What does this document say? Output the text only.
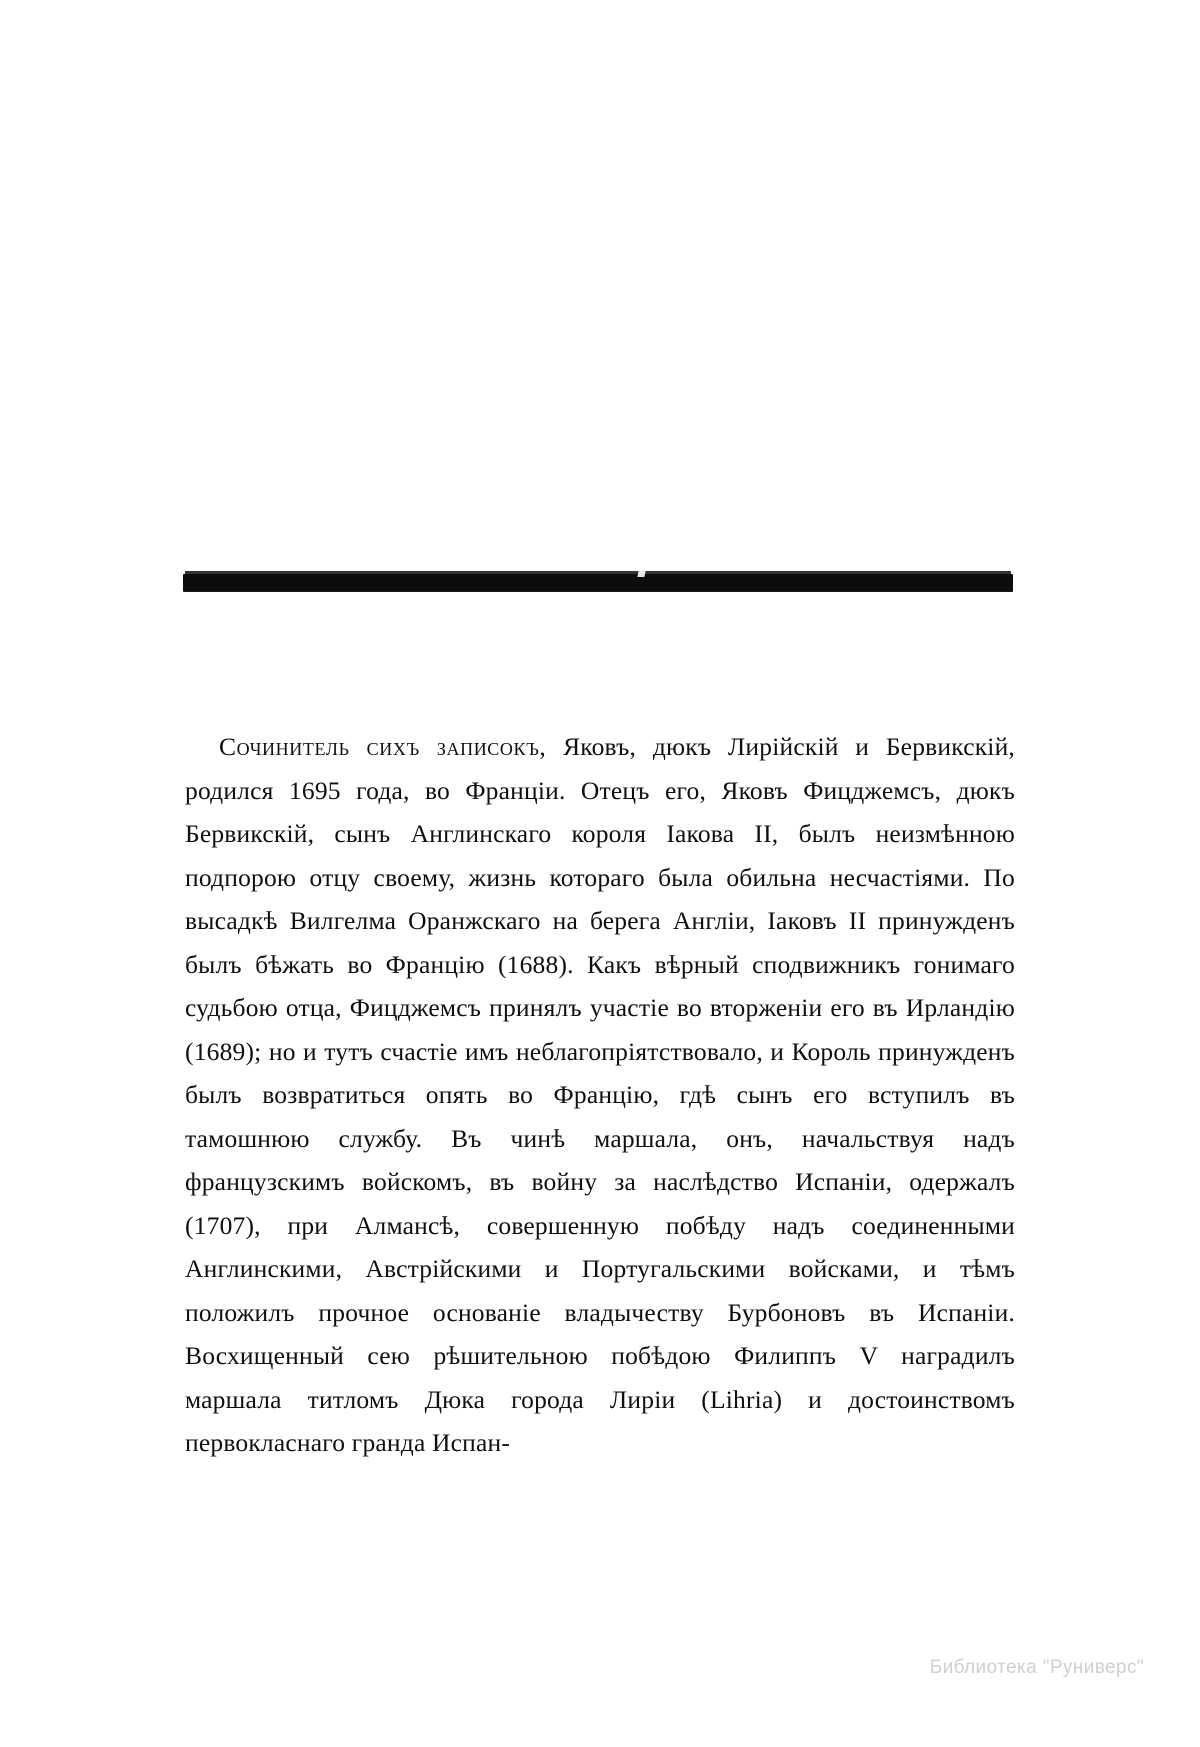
Сочинитель сихъ записокъ, Яковъ, дюкъ Лирійскій и Бервикскій, родился 1695 года, во Франціи. Отецъ его, Яковъ Фицджемсъ, дюкъ Бервикскій, сынъ Англинскаго короля Іакова II, былъ неизмѣнною подпорою отцу своему, жизнь котораго была обильна несчастіями. По высадкѣ Вилгелма Оранжскаго на берега Англіи, Іаковъ II принужденъ былъ бѣжать во Францію (1688). Какъ вѣрный сподвижникъ гонимаго судьбою отца, Фицджемсъ принялъ участіе во вторженіи его въ Ирландію (1689); но и тутъ счастіе имъ неблагопріятствовало, и Король принужденъ былъ возвратиться опять во Францію, гдѣ сынъ его вступилъ въ тамошнюю службу. Въ чинѣ маршала, онъ, начальствуя надъ французскимъ войскомъ, въ войну за наслѣдство Испаніи, одержалъ (1707), при Алмансѣ, совершенную побѣду надъ соединенными Англинскими, Австрійскими и Португальскими войсками, и тѣмъ положилъ прочное основаніе владычеству Бурбоновъ въ Испаніи. Восхищенный сею рѣшительною побѣдою Филиппъ V наградилъ маршала титломъ Дюка города Лиріи (Lihria) и достоинствомъ первокласнаго гранда Испан-

Библиотека "Руниверс"
